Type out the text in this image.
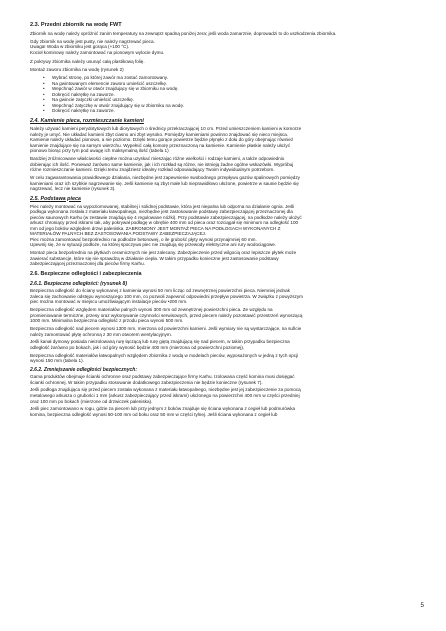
2.3. Przedni zbiornik na wodę FWT

Zbiornik na wodę należy opróżnić zanim temperatury na zewnątrz spadną poniżej zera; jeśli woda zamarznie, doprowadzi to do uszkodzenia zbiornika.

Gdy zbiornik na wodę jest pusty, nie należy nagrzewać pieca.
Uwaga! Woda w zbiorniku jest gorąca (+100 °C).
Kocioł kominowy należy zamontować na pionowym wylocie dymu.

Z pokrywy zbiornika należy usunąć całą plastikową folię.

Montaż zaworu zbiornika na wodę (rysunek 2)

• Wybrać stronę, po której zawór ma zostać zamontowany.
• Na gwintowanym elemencie zaworu umieścić uszczelkę.
• Wepchnąć zawór w otwór znajdujący się w zbiorniku na wodę.
• Dokręcić nakrętkę na zaworze.
• Na gwincie zatyczki umieścić uszczelkę.
• Wepchnąć zatyczkę w otwór znajdujący się w zbiorniku na wodę.
• Dokręcić nakrętkę na zaworze.
2.4. Kamienie pieca, rozmieszczanie kamieni

Należy używać kamieni perydotytowych lub diorytowych o średnicy przekraczającej 10 cm. Przed umieszczeniem kamieni w komorze
należy je umyć. Nie układać kamieni zbyt ciasno ani zbyt wysoko. Pomiędzy kamieniami powinno znajdować się nieco miejsca.
Kamienie należy układać pionowo, a nie poziomo. Dzięki temu gorące powietrze będzie płynęło z dołu do góry obejmując również
kamienie znajdujące się na samym wierzchu. Wypełnić całą komorę przeznaczoną na kamienie. Kamienie płaskie należy ułożyć
pionowo biorąc przy tym pod uwagę ich maksymalną ilość (tabela 1)

Bardziej zróżnicowane właściwości ciepłne można uzyskać mieszając różne wielkości i rodzaje kamieni, a także odpowiednio
dobierając ich ilość. Ponieważ żarówno same kamienie, jak i ich rozkład są różne, nie istnieją żadne ogólne wskazówki. Wypróbuj
różne rozmieszczanie kamieni. Dzięki temu znajdziesz idealny rozkład odpowiadający Twoim indywidualnym potrzebom.

W celu zagwarantowania prawidłowego działania, niezbędne jest zapewnienie swobodnego przepływu gazów spalinowych pomiędzy
kamieniami oraz ich szybkie nagrzewanie się. Jeśli kamienie są zbyt małe lub nieprawidłowo ułożone, powietrze w saunie będzie się
nagrzewać, lecz nie kamienie (rysunek 3).

2.5. Podstawa pieca

Piec należy montować na wypoziomowanej, stabilnej i solidnej podstawie, która jest niepalna lub odporna na działanie ognia. Jeśli
podłoga wykonana została z materiału łatwopalnego, niezbędne jest zastosowanie podstawy zabezpieczającej przeznaczonej dla
pieców saunowych Karhu (w zestawie znajdują się 4 regulowane nóżki). Przy podstawie zabezpieczającej, na podłodze należy ułożyć
arkusz chroniący przed iskrami tak, aby pokrywał podłogę w obrębie 400 mm od pieca oraz rozciągał się minimum na odległość 100
mm od jego boków względem drzwi paleniska. ZABRONIONY JEST MONTAŻ PIECA NA PODŁOGACH WYKONANYCH Z
MATERIAŁÓW PALNYCH BEZ ZASTOSOWANIA PODSTAWY ZABEZPIECZAJĄCEJ.
Piec można zamontować bezpośrednio na podłodze betonowej, o ile grubość płyty wynosi przynajmniej 60 mm.
Upewnij się, że w sytuacji podłoże, na której spoczywa piec nie znajdują się przewody elektryczne ani rury wodociągowe.

Montaż pieca bezpośrednio na płytkach ceramicznych nie jest zalecany. Zabezpieczenie przed wilgocią oraz lepiszcze płytek może
zawierać substancje, które się nie sprawdzą w działanie ciepła. W takim przypadku konieczne jest zastosowanie podstawy
zabezpieczającej przeznaczonej dla pieców firmy Karhu.

2.6. Bezpieczne odległości i zabezpieczenia
2.6.1. Bezpieczne odległości: (rysunek 8)

Bezpieczna odległość do ściany wykonanej z kamienia wynosi 50 mm licząc od zewnętrznej powierzchni pieca. Niemniej jednak
zaleca się zachowanie odstępu wynoszącego 100 mm, co pozwoli zapewnić odpowiedni przepływ powietrza. W związku z powyższym
piec można montować w miejscu umożliwiającym instalacje pieców •200 mm.

Bezpieczna odległość względem materiałów palnych wynosi 300 mm od zewnętrznej powierzchni pieca. Ze względu na
promieniowanie termiczne, przesy oraz wykonywanie czynności serwisowych, przed piecem należy pozostawić przestrzeń wynoszącą
1000 mm. Minimalna bezpieczna odległość z przodu pieca wynosi 500 mm.

Bezpieczna odległość nad piecem wynosi 1300 mm, mierzona od powierzchni kamieni. Jeśli wymiary nie są wystarczające, na suficie
należy zamontować płytę ochronną z 30 mm otworem wentylacyjnym.

Jeśli kanał dymowy posiada nieizolowaną rurę łączącą lub rurę giętą znajdującą się nad piecem, w takim przypadku bezpieczna
odległość żarówno po bokach, jak i od góry wynosić będzie 400 mm (mierzona od powierzchni poziomej).

Bezpieczna odległość materiałów łatwopalnych względem zbiornika z wodą w modelach pieców, wyposażonych w jedną z tych opcji
wynosi 150 mm (tabela 1).

2.6.2. Zmniejszanie odległości bezpiecznych:

Gama produktów obejmuje ścianki ochronne oraz podstawy zabezpieczające firmy Karhu. Izolowana część komina musi dosięgać
ścianki ochronnej. W takim przypadku stosowanie dodatkowego zabezpieczenia nie będzie konieczne (rysunek 7).

Jeśli podłoga znajdująca się przed piecem została wykonana z materiału łatwopalnego, niezbędne jest jej zabezpieczenie za pomocą
metalowego arkusza o grubości 1 mm (arkusz zabezpieczający przed iskrami) ułożonego na powierzchni 400 mm w części przedniej
oraz 100 mm po bokach (mierzone od drzwiczek paleniska).

Jeśli piec zamontowano w rogu, gdzie za piecem lub przy jednym z boków znajduje się ściana wykonana z cegieł lub podmurówka
komina, bezpieczna odległość wynosi 50-100 mm od boku oraz 50 mm w części tylnej. Jeśli ściana wykonana z cegieł lub

5
